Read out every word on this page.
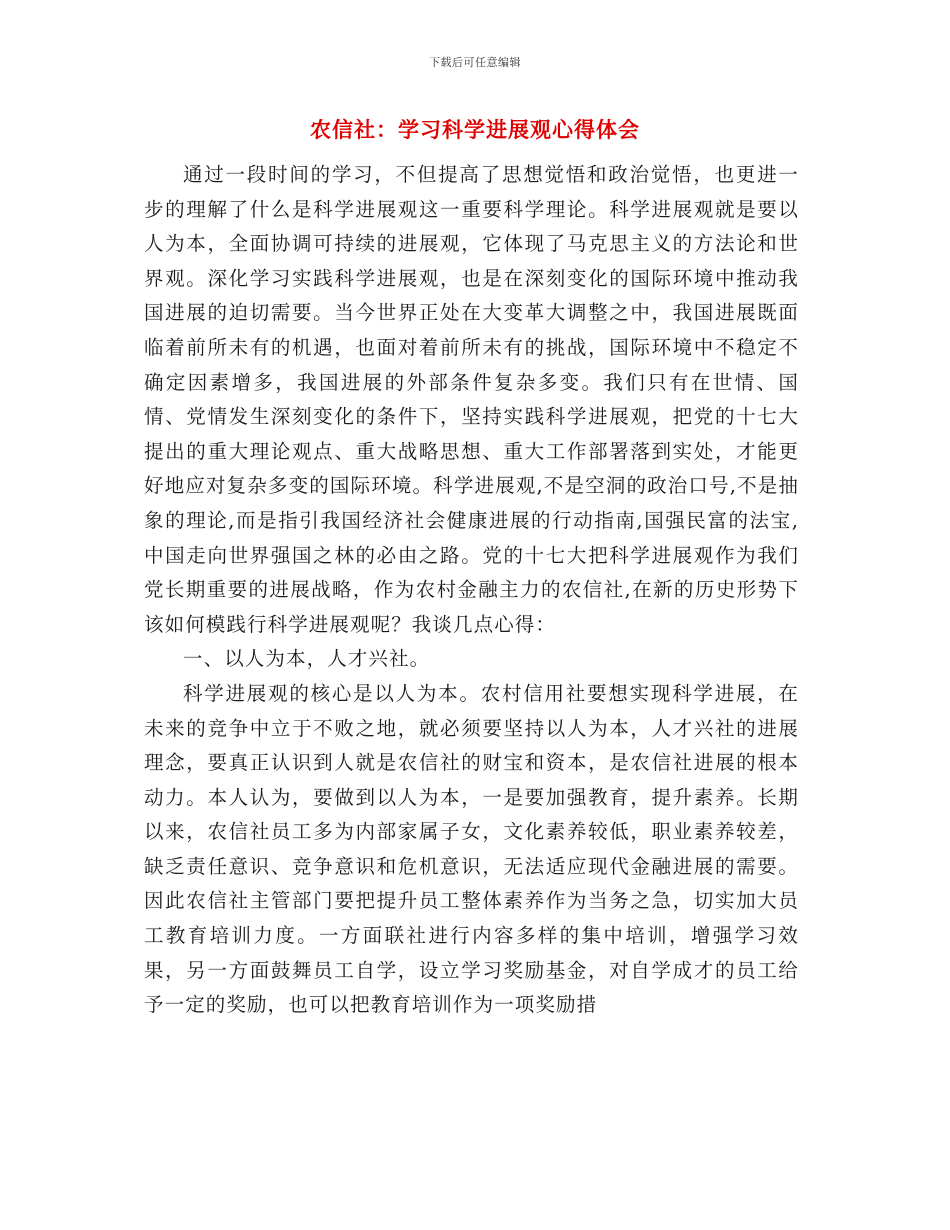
下载后可任意编辑
农信社：学习科学进展观心得体会

通过一段时间的学习，不但提高了思想觉悟和政治觉悟，也更进一步的理解了什么是科学进展观这一重要科学理论。科学进展观就是要以人为本，全面协调可持续的进展观，它体现了马克思主义的方法论和世界观。深化学习实践科学进展观，也是在深刻变化的国际环境中推动我国进展的迫切需要。当今世界正处在大变革大调整之中，我国进展既面临着前所未有的机遇，也面对着前所未有的挑战，国际环境中不稳定不确定因素增多，我国进展的外部条件复杂多变。我们只有在世情、国情、党情发生深刻变化的条件下，坚持实践科学进展观，把党的十七大提出的重大理论观点、重大战略思想、重大工作部署落到实处，才能更好地应对复杂多变的国际环境。科学进展观,不是空洞的政治口号,不是抽象的理论,而是指引我国经济社会健康进展的行动指南,国强民富的法宝,中国走向世界强国之林的必由之路。党的十七大把科学进展观作为我们党长期重要的进展战略，作为农村金融主力的农信社,在新的历史形势下该如何模践行科学进展观呢？我谈几点心得：

一、以人为本，人才兴社。

科学进展观的核心是以人为本。农村信用社要想实现科学进展，在未来的竞争中立于不败之地，就必须要坚持以人为本，人才兴社的进展理念，要真正认识到人就是农信社的财宝和资本，是农信社进展的根本动力。本人认为，要做到以人为本，一是要加强教育，提升素养。长期以来，农信社员工多为内部家属子女，文化素养较低，职业素养较差，缺乏责任意识、竞争意识和危机意识，无法适应现代金融进展的需要。因此农信社主管部门要把提升员工整体素养作为当务之急，切实加大员工教育培训力度。一方面联社进行内容多样的集中培训，增强学习效果，另一方面鼓舞员工自学，设立学习奖励基金，对自学成才的员工给予一定的奖励，也可以把教育培训作为一项奖励措
